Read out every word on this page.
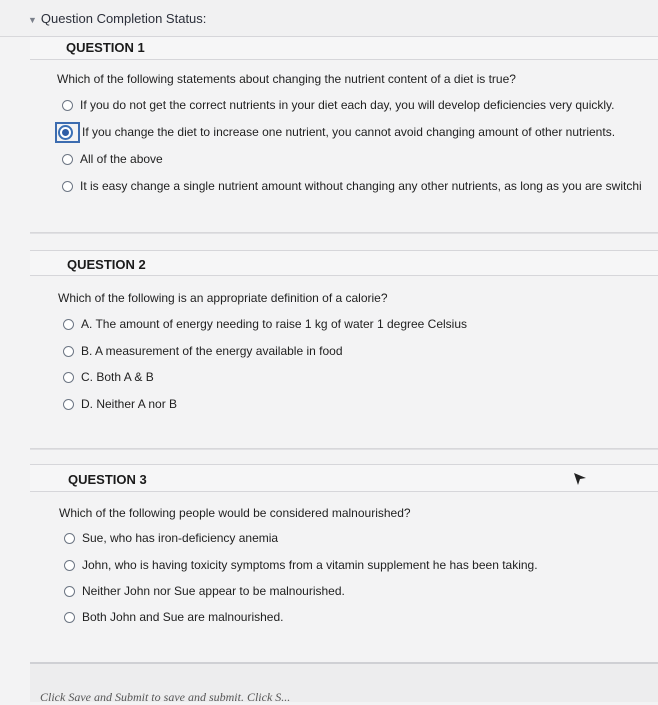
▼ Question Completion Status:
QUESTION 1
Which of the following statements about changing the nutrient content of a diet is true?
If you do not get the correct nutrients in your diet each day, you will develop deficiencies very quickly.
If you change the diet to increase one nutrient, you cannot avoid changing amount of other nutrients.
All of the above
It is easy change a single nutrient amount without changing any other nutrients, as long as you are switchi
QUESTION 2
Which of the following is an appropriate definition of a calorie?
A. The amount of energy needing to raise 1 kg of water 1 degree Celsius
B. A measurement of the energy available in food
C. Both A & B
D. Neither A nor B
QUESTION 3
Which of the following people would be considered malnourished?
Sue, who has iron-deficiency anemia
John, who is having toxicity symptoms from a vitamin supplement he has been taking.
Neither John nor Sue appear to be malnourished.
Both John and Sue are malnourished.
Click Save and Submit to save and submit. Click S...
